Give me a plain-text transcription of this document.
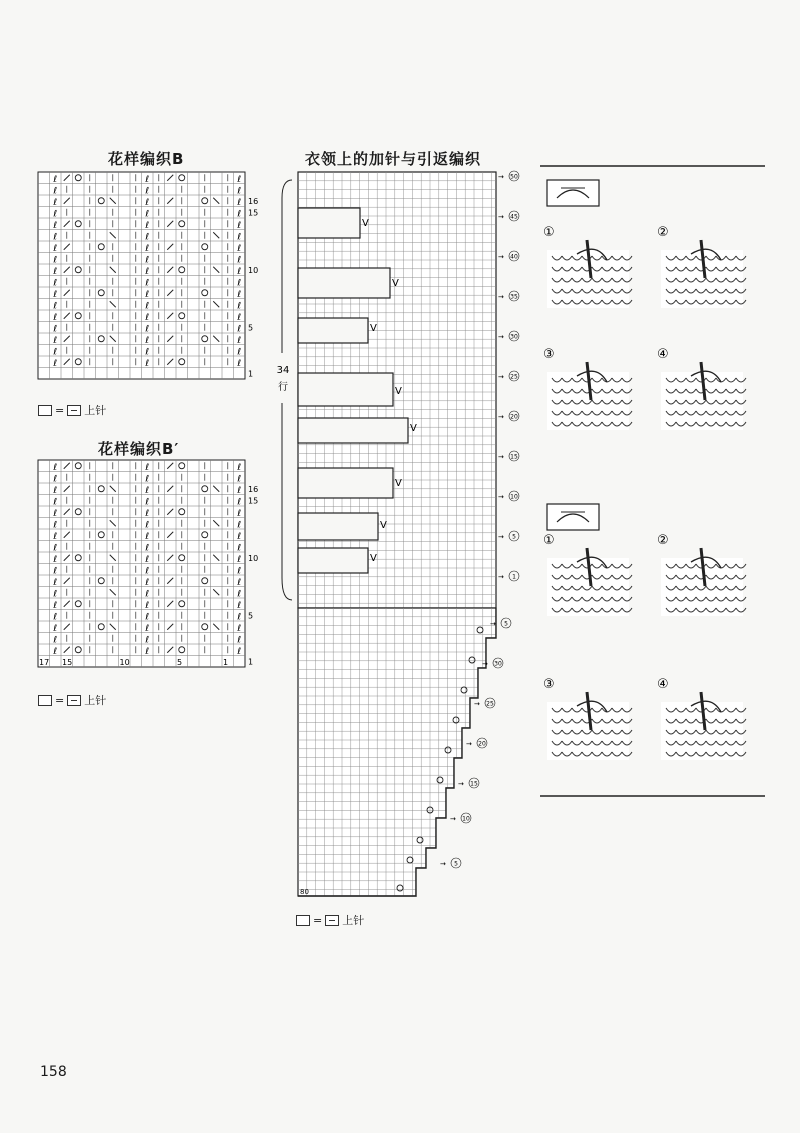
花样编织B
ℓ	ℓ	ℓ
ℓ	ℓ	ℓ
ℓ	ℓ	ℓ
ℓ	ℓ	ℓ
ℓ	ℓ	ℓ
ℓ	ℓ	ℓ
ℓ	ℓ	ℓ
ℓ	ℓ	ℓ
ℓ	ℓ	ℓ
ℓ	ℓ	ℓ
ℓ	ℓ	ℓ
ℓ	ℓ	ℓ
ℓ	ℓ	ℓ
ℓ	ℓ	ℓ
ℓ	ℓ	ℓ
ℓ	ℓ	ℓ
ℓ	ℓ	ℓ
16
15
10
5
1
= 上针
花样编织B′
ℓ	ℓ	ℓ
ℓ	ℓ	ℓ
ℓ	ℓ	ℓ
ℓ	ℓ	ℓ
ℓ	ℓ	ℓ
ℓ	ℓ	ℓ
ℓ	ℓ	ℓ
ℓ	ℓ	ℓ
ℓ	ℓ	ℓ
ℓ	ℓ	ℓ
ℓ	ℓ	ℓ
ℓ	ℓ	ℓ
ℓ	ℓ	ℓ
ℓ	ℓ	ℓ
ℓ	ℓ	ℓ
ℓ	ℓ	ℓ
ℓ	ℓ	ℓ
16
15
10
5
1
17 15	10	5	1
= 上针
衣领上的加针与引返编织
V
V
V
V
V
V
V
V
34
行
→ 50
→ 45
→ 40
→ 35
→ 30
→ 25
→ 20
→ 15
→ 10
→ 5
→ 1
→ 5
→ 30
→ 25
→ 20
→ 15
→ 10
→ 5
80
= 上针
①	②
③	④
①	②
③	④
158
